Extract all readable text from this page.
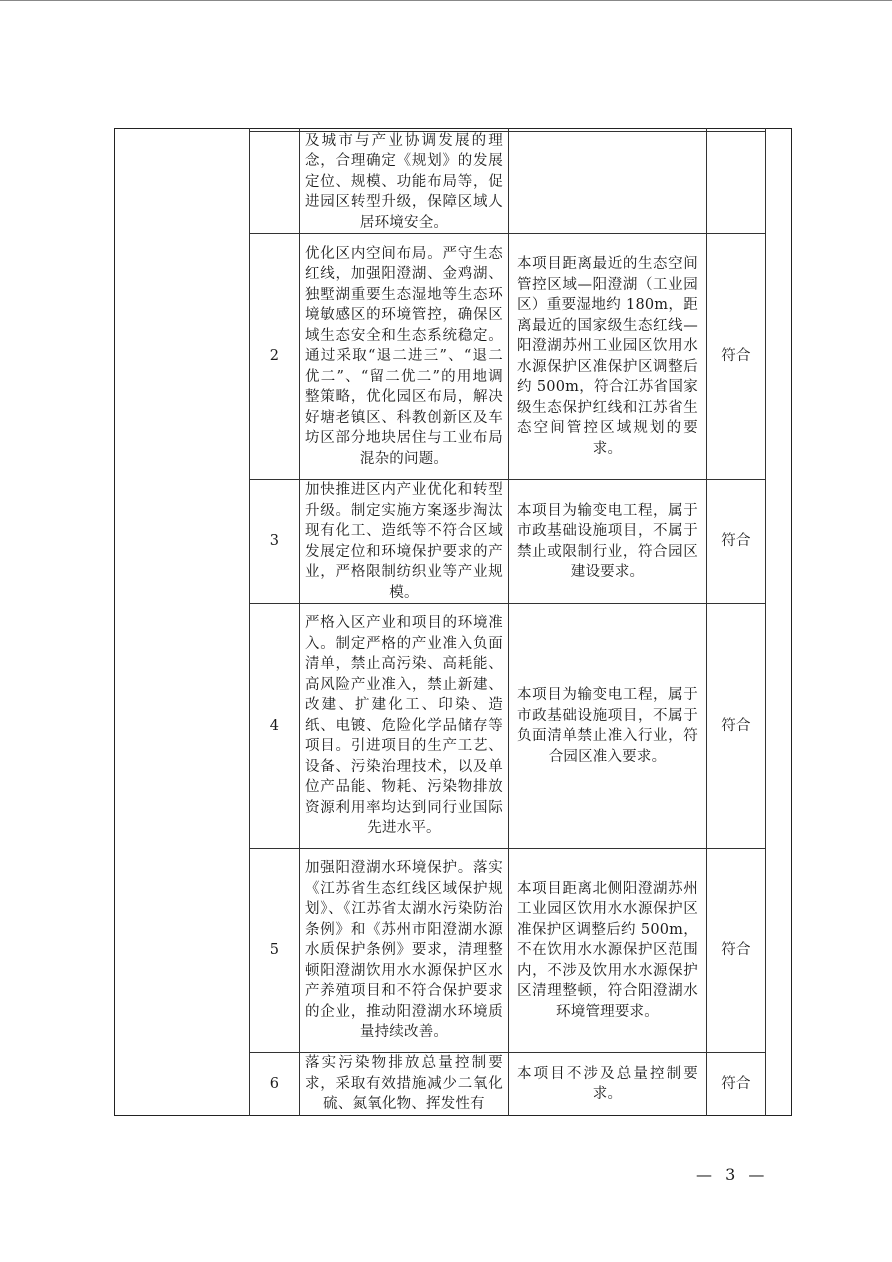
及城市与产业协调发展的理念，合理确定《规划》的发展定位、规模、功能布局等，促进园区转型升级，保障区域人居环境安全。
2
优化区内空间布局。严守生态红线，加强阳澄湖、金鸡湖、独墅湖重要生态湿地等生态环境敏感区的环境管控，确保区域生态安全和生态系统稳定。通过采取“退二进三”、“退二优二”、“留二优二”的用地调整策略，优化园区布局，解决好塘老镇区、科教创新区及车坊区部分地块居住与工业布局混杂的问题。
本项目距离最近的生态空间管控区域—阳澄湖（工业园区）重要湿地约 180m，距离最近的国家级生态红线—阳澄湖苏州工业园区饮用水水源保护区准保护区调整后约 500m，符合江苏省国家级生态保护红线和江苏省生态空间管控区域规划的要求。
符合
3
加快推进区内产业优化和转型升级。制定实施方案逐步淘汰现有化工、造纸等不符合区域发展定位和环境保护要求的产业，严格限制纺织业等产业规模。
本项目为输变电工程，属于市政基础设施项目，不属于禁止或限制行业，符合园区建设要求。
符合
4
严格入区产业和项目的环境准入。制定严格的产业准入负面清单，禁止高污染、高耗能、高风险产业准入，禁止新建、改建、扩建化工、印染、造纸、电镀、危险化学品储存等项目。引进项目的生产工艺、设备、污染治理技术，以及单位产品能、物耗、污染物排放资源利用率均达到同行业国际先进水平。
本项目为输变电工程，属于市政基础设施项目，不属于负面清单禁止准入行业，符合园区准入要求。
符合
5
加强阳澄湖水环境保护。落实《江苏省生态红线区域保护规划》、《江苏省太湖水污染防治条例》和《苏州市阳澄湖水源水质保护条例》要求，清理整顿阳澄湖饮用水水源保护区水产养殖项目和不符合保护要求的企业，推动阳澄湖水环境质量持续改善。
本项目距离北侧阳澄湖苏州工业园区饮用水水源保护区准保护区调整后约 500m，不在饮用水水源保护区范围内，不涉及饮用水水源保护区清理整顿，符合阳澄湖水环境管理要求。
符合
6
落实污染物排放总量控制要求，采取有效措施减少二氧化硫、氮氧化物、挥发性有
本项目不涉及总量控制要求。
符合
— 3 —
